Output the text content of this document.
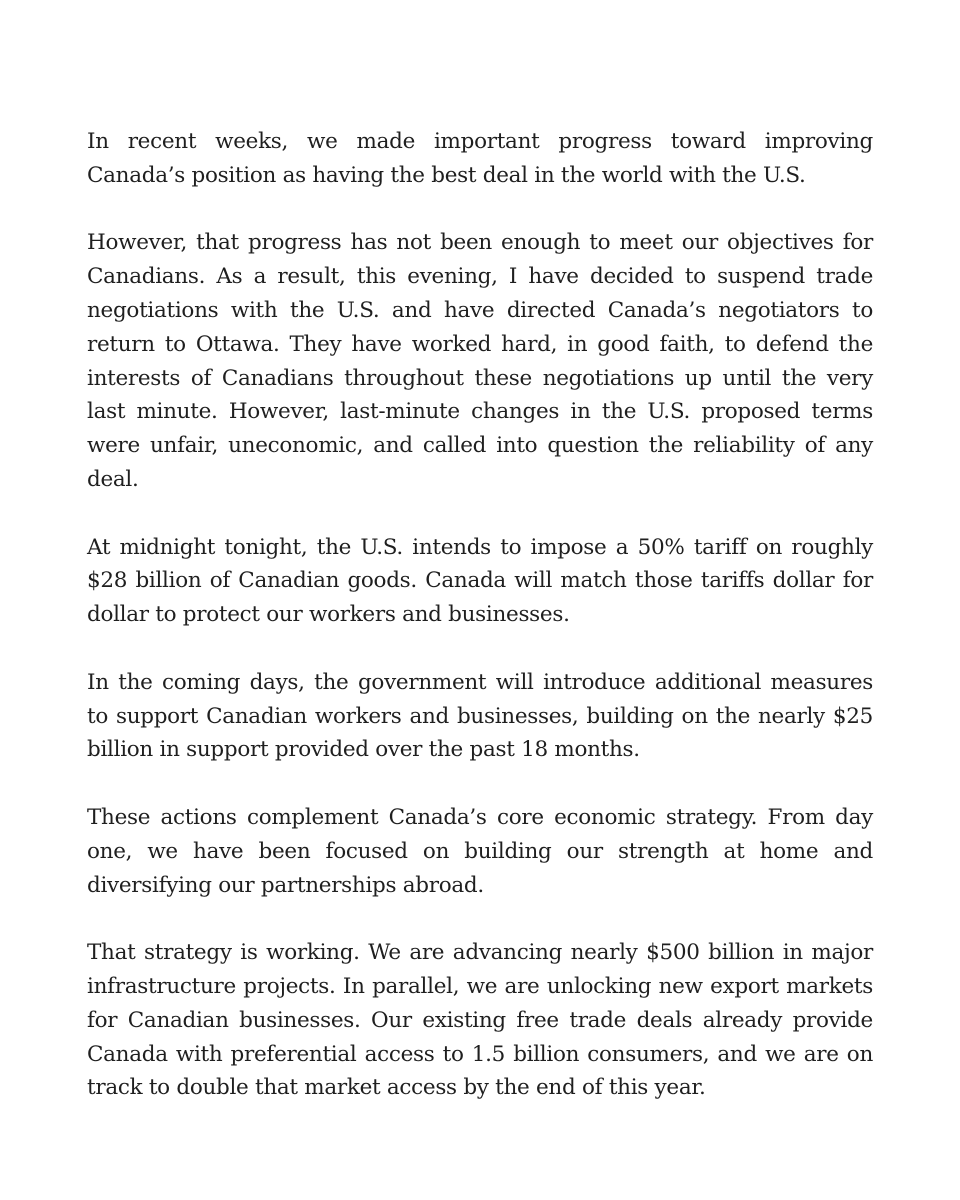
In recent weeks, we made important progress toward improving Canada’s position as having the best deal in the world with the U.S.

However, that progress has not been enough to meet our objectives for Canadians. As a result, this evening, I have decided to suspend trade negotiations with the U.S. and have directed Canada’s negotiators to return to Ottawa. They have worked hard, in good faith, to defend the interests of Canadians throughout these negotiations up until the very last minute. However, last-minute changes in the U.S. proposed terms were unfair, uneconomic, and called into question the reliability of any deal.

At midnight tonight, the U.S. intends to impose a 50% tariff on roughly $28 billion of Canadian goods. Canada will match those tariffs dollar for dollar to protect our workers and businesses.

In the coming days, the government will introduce additional measures to support Canadian workers and businesses, building on the nearly $25 billion in support provided over the past 18 months.

These actions complement Canada’s core economic strategy. From day one, we have been focused on building our strength at home and diversifying our partnerships abroad.

That strategy is working. We are advancing nearly $500 billion in major infrastructure projects. In parallel, we are unlocking new export markets for Canadian businesses. Our existing free trade deals already provide Canada with preferential access to 1.5 billion consumers, and we are on track to double that market access by the end of this year.
